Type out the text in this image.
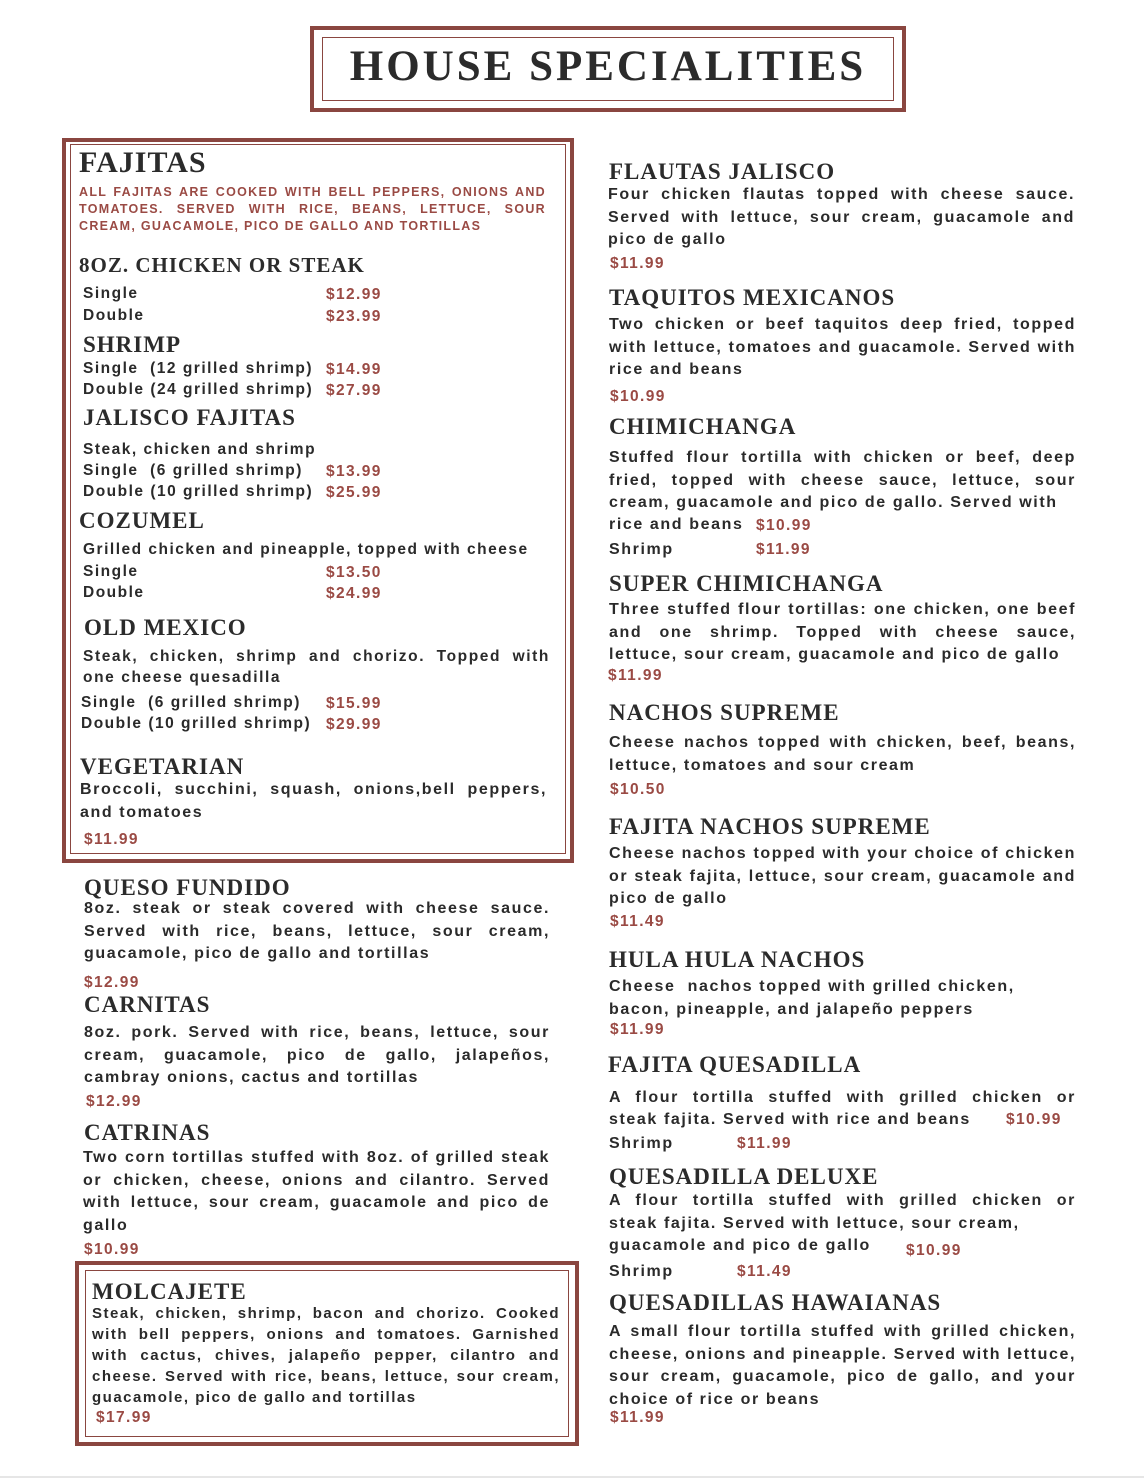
HOUSE SPECIALITIES
FAJITAS
ALL FAJITAS ARE COOKED WITH BELL PEPPERS, ONIONS AND TOMATOES. SERVED WITH RICE, BEANS, LETTUCE, SOUR CREAM, GUACAMOLE, PICO DE GALLO AND TORTILLAS
8OZ. CHICKEN OR STEAK
Single	$12.99
Double	$23.99
SHRIMP
Single  (12 grilled shrimp) $14.99
Double (24 grilled shrimp) $27.99
JALISCO FAJITAS
Steak, chicken and shrimp
Single  (6 grilled shrimp) $13.99
Double (10 grilled shrimp) $25.99
COZUMEL
Grilled chicken and pineapple, topped with cheese
Single	$13.50
Double	$24.99
OLD MEXICO
Steak, chicken, shrimp and chorizo. Topped with one cheese quesadilla
Single  (6 grilled shrimp) $15.99
Double (10 grilled shrimp) $29.99
VEGETARIAN
Broccoli, succhini, squash, onions,bell peppers, and tomatoes
$11.99
QUESO FUNDIDO
8oz. steak or steak covered with cheese sauce. Served with rice, beans, lettuce, sour cream, guacamole, pico de gallo and tortillas
$12.99
CARNITAS
8oz. pork. Served with rice, beans, lettuce, sour cream, guacamole, pico de gallo, jalapeños, cambray onions, cactus and tortillas
$12.99
CATRINAS
Two corn tortillas stuffed with 8oz. of grilled steak or chicken, cheese, onions and cilantro. Served with lettuce, sour cream, guacamole and pico de gallo
$10.99
MOLCAJETE
Steak, chicken, shrimp, bacon and chorizo. Cooked with bell peppers, onions and tomatoes. Garnished with cactus, chives, jalapeño pepper, cilantro and cheese. Served with rice, beans, lettuce, sour cream, guacamole, pico de gallo and tortillas
$17.99
FLAUTAS JALISCO
Four chicken flautas topped with cheese sauce. Served with lettuce, sour cream, guacamole and pico de gallo
$11.99
TAQUITOS MEXICANOS
Two chicken or beef taquitos deep fried, topped with lettuce, tomatoes and guacamole. Served with rice and beans
$10.99
CHIMICHANGA
Stuffed flour tortilla with chicken or beef, deep fried, topped with cheese sauce, lettuce, sour cream, guacamole and pico de gallo. Served with
rice and beans $10.99
Shrimp	$11.99
SUPER CHIMICHANGA
Three stuffed flour tortillas: one chicken, one beef and one shrimp. Topped with cheese sauce, lettuce, sour cream, guacamole and pico de gallo
$11.99
NACHOS SUPREME
Cheese nachos topped with chicken, beef, beans, lettuce, tomatoes and sour cream
$10.50
FAJITA NACHOS SUPREME
Cheese nachos topped with your choice of chicken or steak fajita, lettuce, sour cream, guacamole and pico de gallo
$11.49
HULA HULA NACHOS
Cheese  nachos topped with grilled chicken, bacon, pineapple, and jalapeño peppers
$11.99
FAJITA QUESADILLA
A flour tortilla stuffed with grilled chicken or
steak fajita. Served with rice and beans $10.99
Shrimp	$11.99
QUESADILLA DELUXE
A flour tortilla stuffed with grilled chicken or steak fajita. Served with lettuce, sour cream,
guacamole and pico de gallo $10.99
Shrimp	$11.49
QUESADILLAS HAWAIANAS
A small flour tortilla stuffed with grilled chicken, cheese, onions and pineapple. Served with lettuce, sour cream, guacamole, pico de gallo, and your choice of rice or beans
$11.99
